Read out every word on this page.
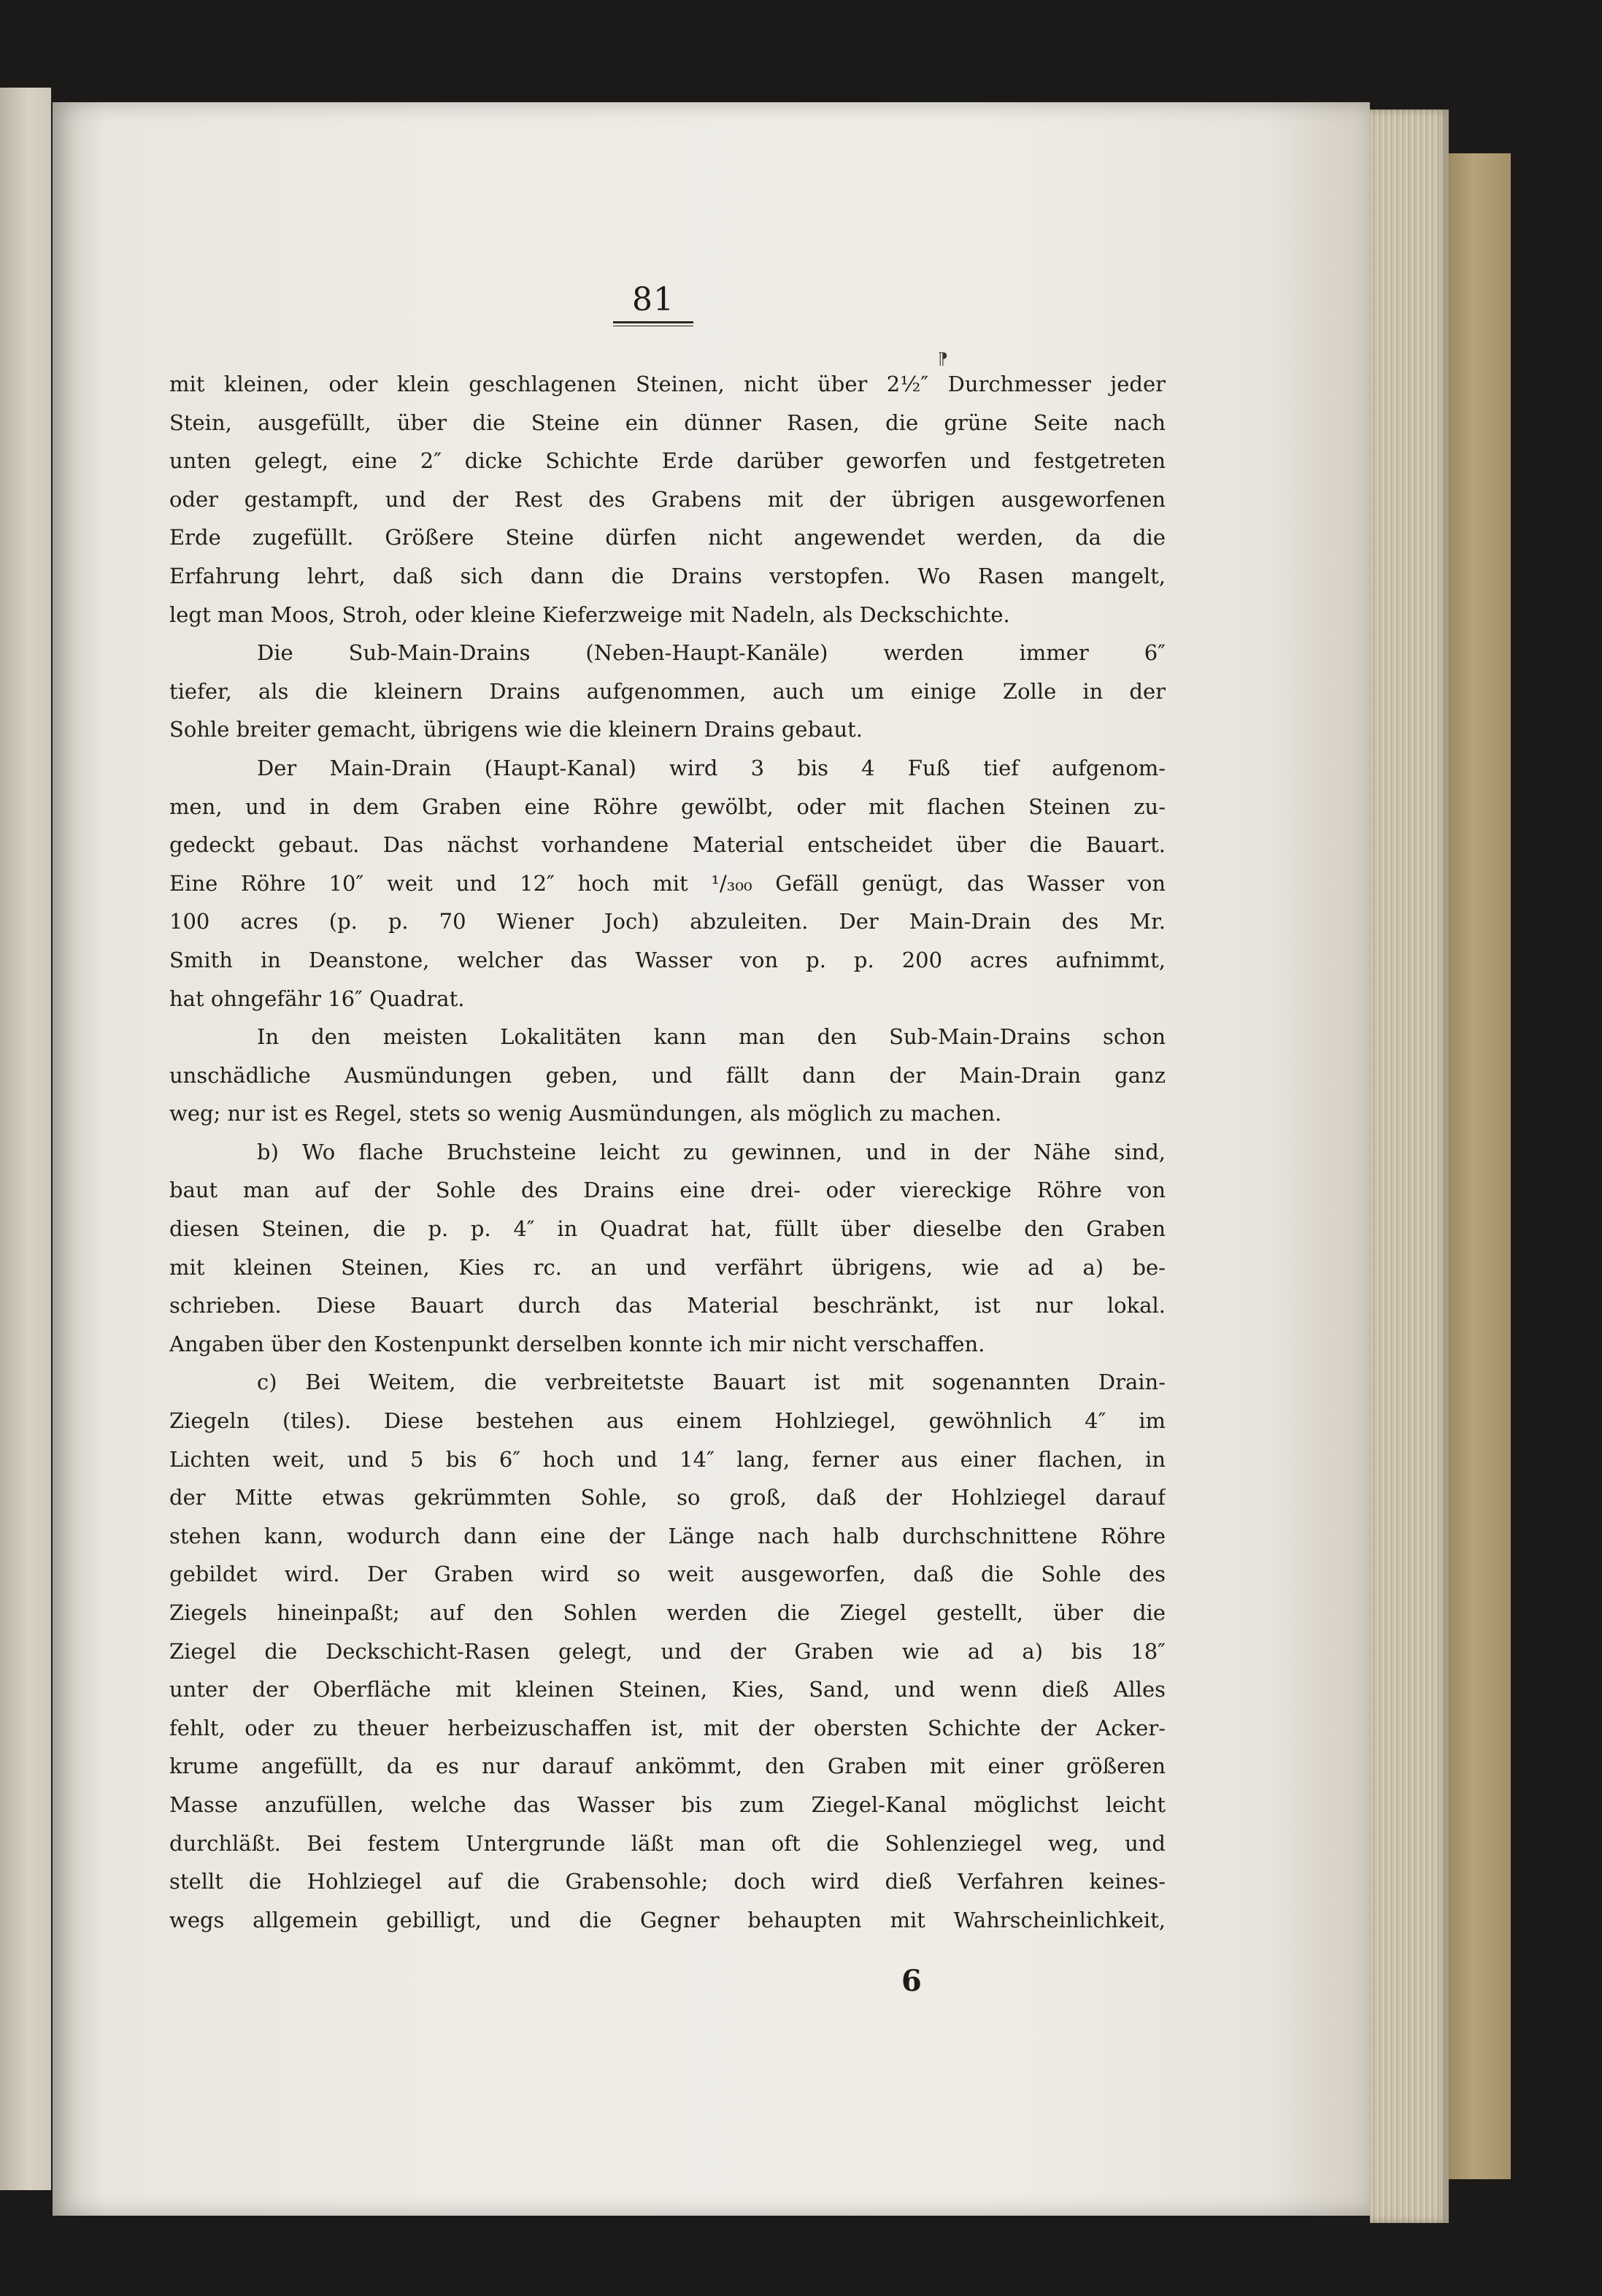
81
⁋
mit kleinen, oder klein geschlagenen Steinen, nicht über 2½″ Durchmesser jeder
Stein, ausgefüllt, über die Steine ein dünner Rasen, die grüne Seite nach
unten gelegt, eine 2″ dicke Schichte Erde darüber geworfen und festgetreten
oder gestampft, und der Rest des Grabens mit der übrigen ausgeworfenen
Erde zugefüllt. Größere Steine dürfen nicht angewendet werden, da die
Erfahrung lehrt, daß sich dann die Drains verstopfen. Wo Rasen mangelt,
legt man Moos, Stroh, oder kleine Kieferzweige mit Nadeln, als Deckschichte.
Die Sub-Main-Drains (Neben-Haupt-Kanäle) werden immer 6″
tiefer, als die kleinern Drains aufgenommen, auch um einige Zolle in der
Sohle breiter gemacht, übrigens wie die kleinern Drains gebaut.
Der Main-Drain (Haupt-Kanal) wird 3 bis 4 Fuß tief aufgenom-
men, und in dem Graben eine Röhre gewölbt, oder mit flachen Steinen zu-
gedeckt gebaut. Das nächst vorhandene Material entscheidet über die Bauart.
Eine Röhre 10″ weit und 12″ hoch mit ¹/₃₀₀ Gefäll genügt, das Wasser von
100 acres (p. p. 70 Wiener Joch) abzuleiten. Der Main-Drain des Mr.
Smith in Deanstone, welcher das Wasser von p. p. 200 acres aufnimmt,
hat ohngefähr 16″ Quadrat.
In den meisten Lokalitäten kann man den Sub-Main-Drains schon
unschädliche Ausmündungen geben, und fällt dann der Main-Drain ganz
weg; nur ist es Regel, stets so wenig Ausmündungen, als möglich zu machen.
b) Wo flache Bruchsteine leicht zu gewinnen, und in der Nähe sind,
baut man auf der Sohle des Drains eine drei- oder viereckige Röhre von
diesen Steinen, die p. p. 4″ in Quadrat hat, füllt über dieselbe den Graben
mit kleinen Steinen, Kies rc. an und verfährt übrigens, wie ad a) be-
schrieben. Diese Bauart durch das Material beschränkt, ist nur lokal.
Angaben über den Kostenpunkt derselben konnte ich mir nicht verschaffen.
c) Bei Weitem, die verbreitetste Bauart ist mit sogenannten Drain-
Ziegeln (tiles). Diese bestehen aus einem Hohlziegel, gewöhnlich 4″ im
Lichten weit, und 5 bis 6″ hoch und 14″ lang, ferner aus einer flachen, in
der Mitte etwas gekrümmten Sohle, so groß, daß der Hohlziegel darauf
stehen kann, wodurch dann eine der Länge nach halb durchschnittene Röhre
gebildet wird. Der Graben wird so weit ausgeworfen, daß die Sohle des
Ziegels hineinpaßt; auf den Sohlen werden die Ziegel gestellt, über die
Ziegel die Deckschicht-Rasen gelegt, und der Graben wie ad a) bis 18″
unter der Oberfläche mit kleinen Steinen, Kies, Sand, und wenn dieß Alles
fehlt, oder zu theuer herbeizuschaffen ist, mit der obersten Schichte der Acker-
krume angefüllt, da es nur darauf ankömmt, den Graben mit einer größeren
Masse anzufüllen, welche das Wasser bis zum Ziegel-Kanal möglichst leicht
durchläßt. Bei festem Untergrunde läßt man oft die Sohlenziegel weg, und
stellt die Hohlziegel auf die Grabensohle; doch wird dieß Verfahren keines-
wegs allgemein gebilligt, und die Gegner behaupten mit Wahrscheinlichkeit,
6
